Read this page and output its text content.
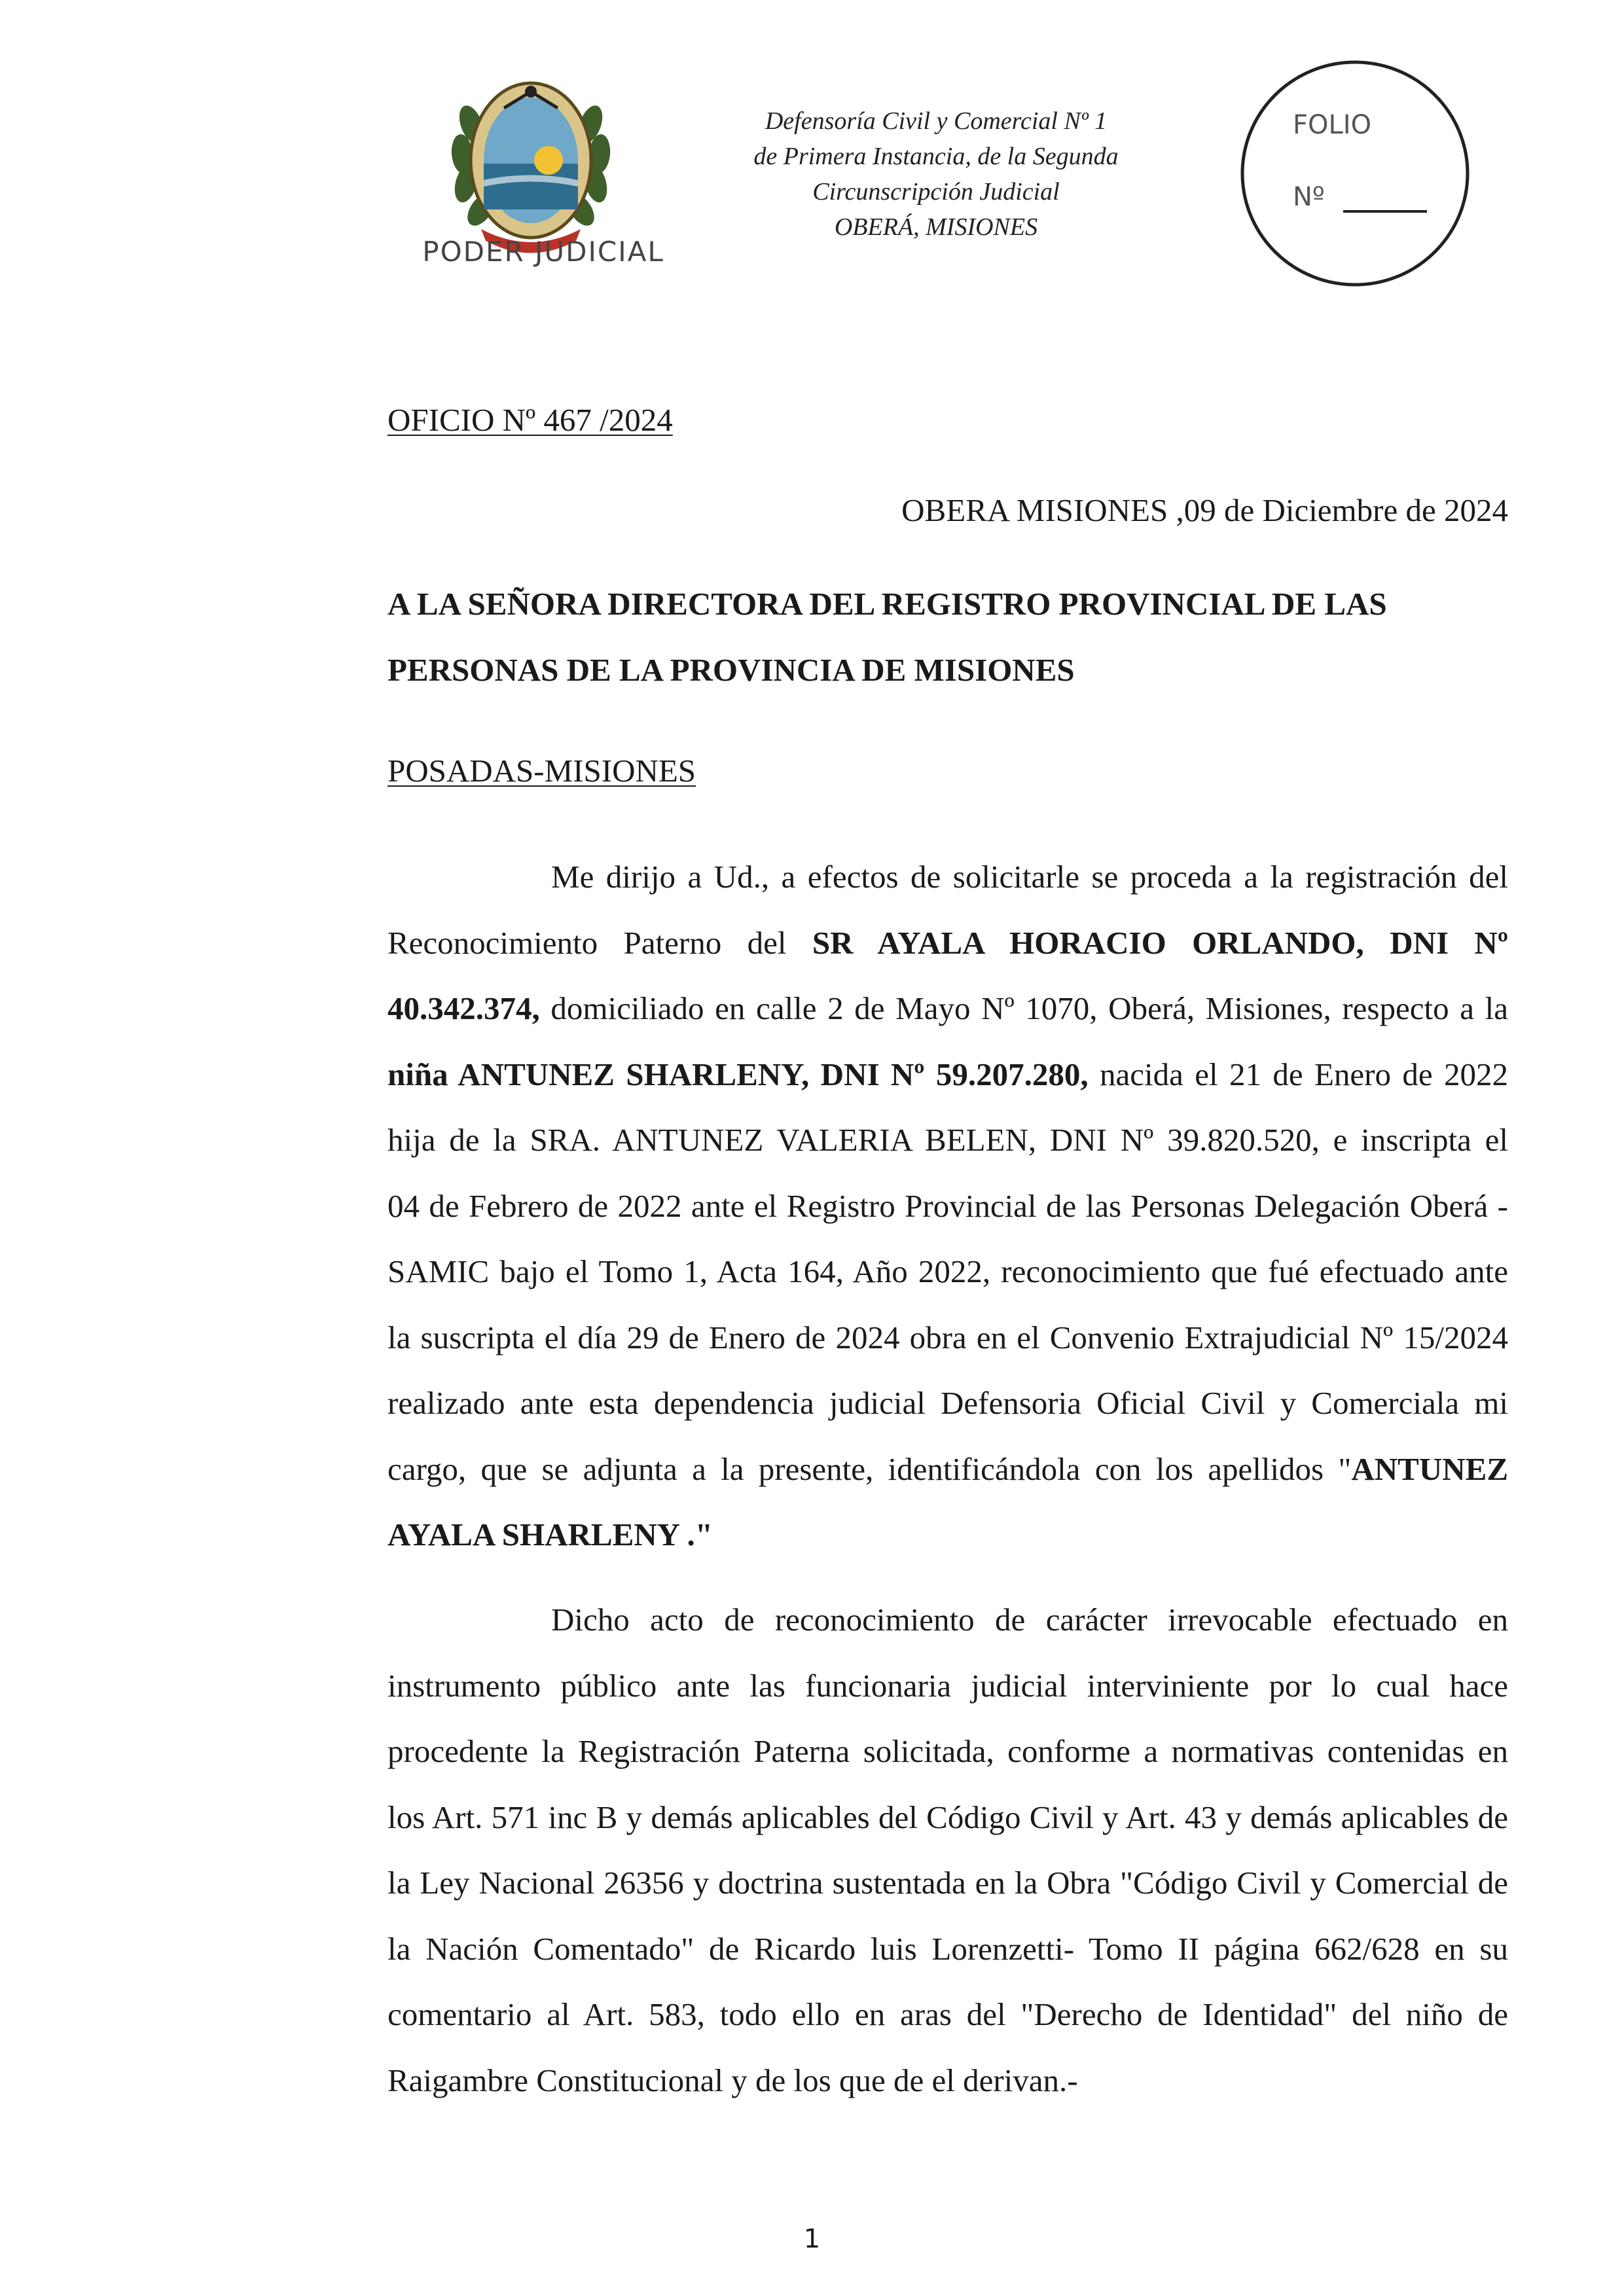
PODER JUDICIAL
Defensoría Civil y Comercial Nº 1
de Primera Instancia, de la Segunda
Circunscripción Judicial
OBERÁ, MISIONES
FOLIO
Nº
OFICIO Nº 467 /2024
OBERA MISIONES ,09 de Diciembre de 2024
A LA SEÑORA DIRECTORA DEL REGISTRO PROVINCIAL DE LAS
PERSONAS DE LA PROVINCIA DE MISIONES
POSADAS-MISIONES
Me dirijo a Ud., a efectos de solicitarle se proceda a la registración del
Reconocimiento Paterno del SR AYALA HORACIO ORLANDO, DNI Nº
40.342.374, domiciliado en calle 2 de Mayo Nº 1070, Oberá, Misiones, respecto a la
niña ANTUNEZ SHARLENY, DNI Nº 59.207.280, nacida el 21 de Enero de 2022
hija de la SRA. ANTUNEZ VALERIA BELEN, DNI Nº 39.820.520, e inscripta el
04 de Febrero de 2022 ante el Registro Provincial de las Personas Delegación Oberá -
SAMIC bajo el Tomo 1, Acta 164, Año 2022, reconocimiento que fué efectuado ante
la suscripta el día 29 de Enero de 2024 obra en el Convenio Extrajudicial Nº 15/2024
realizado ante esta dependencia judicial Defensoria Oficial Civil y Comerciala mi
cargo, que se adjunta a la presente, identificándola con los apellidos "ANTUNEZ
AYALA SHARLENY ."
Dicho acto de reconocimiento de carácter irrevocable efectuado en
instrumento público ante las funcionaria judicial interviniente por lo cual hace
procedente la Registración Paterna solicitada, conforme a normativas contenidas en
los Art. 571 inc B y demás aplicables del Código Civil y Art. 43 y demás aplicables de
la Ley Nacional 26356 y doctrina sustentada en la Obra "Código Civil y Comercial de
la Nación Comentado" de Ricardo luis Lorenzetti- Tomo II página 662/628 en su
comentario al Art. 583, todo ello en aras del "Derecho de Identidad" del niño de
Raigambre Constitucional y de los que de el derivan.-
1
